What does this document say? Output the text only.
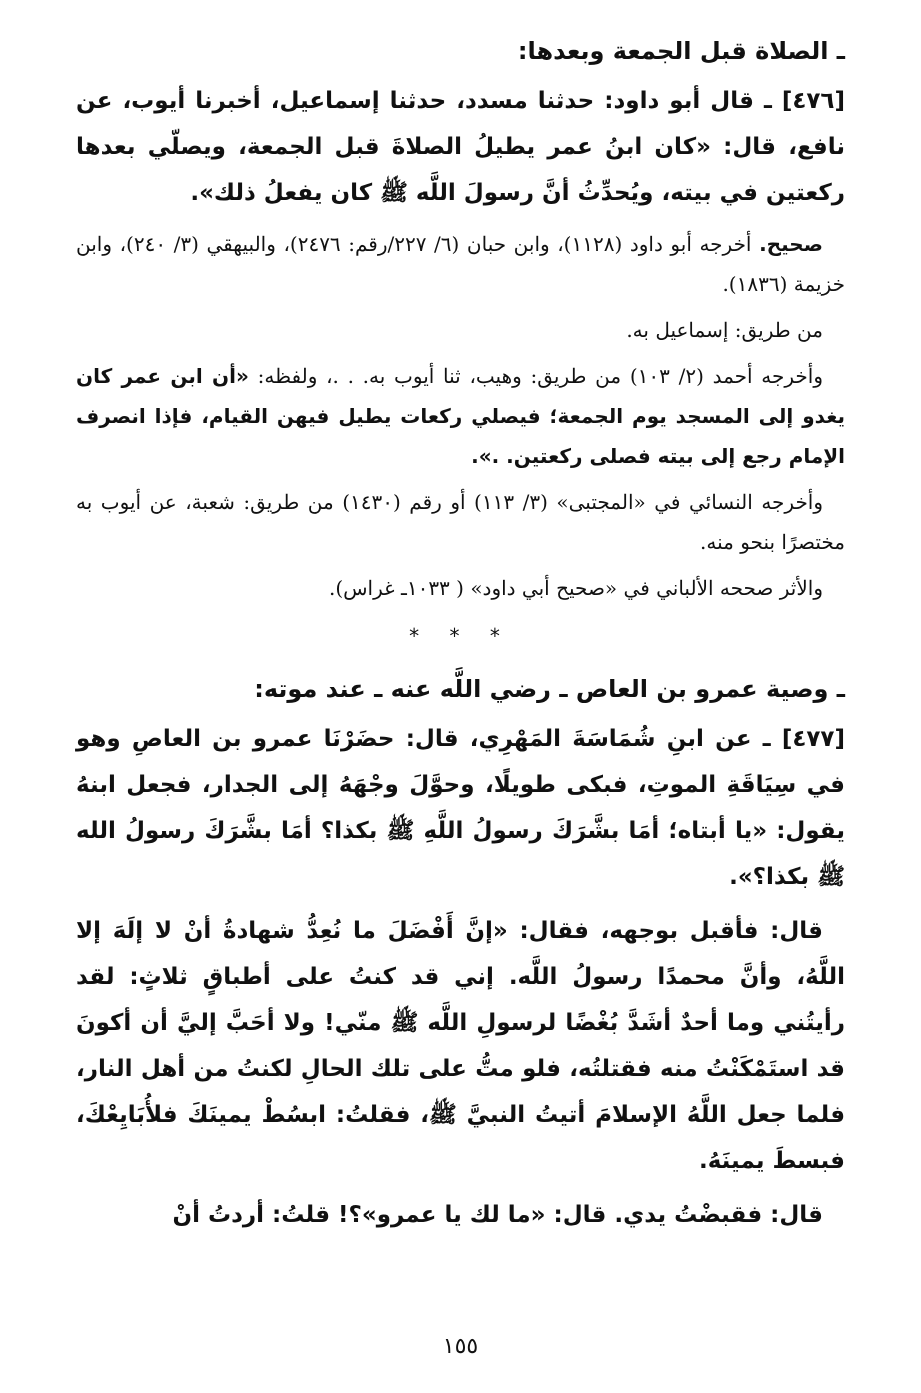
ـ الصلاة قبل الجمعة وبعدها:
[٤٧٦] ـ قال أبو داود: حدثنا مسدد، حدثنا إسماعيل، أخبرنا أيوب، عن نافع، قال: «كان ابنُ عمر يطيلُ الصلاةَ قبل الجمعة، ويصلّي بعدها ركعتين في بيته، ويُحدِّثُ أنَّ رسولَ اللَّه ﷺ كان يفعلُ ذلك».
صحيح. أخرجه أبو داود (١١٢٨)، وابن حبان (٦/ ٢٢٧/رقم: ٢٤٧٦)، والبيهقي (٣/ ٢٤٠)، وابن خزيمة (١٨٣٦).
من طريق: إسماعيل به.
وأخرجه أحمد (٢/ ١٠٣) من طريق: وهيب، ثنا أيوب به. . .، ولفظه: «أن ابن عمر كان يغدو إلى المسجد يوم الجمعة؛ فيصلي ركعات يطيل فيهن القيام، فإذا انصرف الإمام رجع إلى بيته فصلى ركعتين. .».
وأخرجه النسائي في «المجتبى» (٣/ ١١٣) أو رقم (١٤٣٠) من طريق: شعبة، عن أيوب به مختصرًا بنحو منه.
والأثر صححه الألباني في «صحيح أبي داود» ( ١٠٣٣ـ غراس).
* * *
ـ وصية عمرو بن العاص ـ رضي اللَّه عنه ـ عند موته:
[٤٧٧] ـ عن ابنِ شُمَاسَةَ المَهْرِي، قال: حضَرْنَا عمرو بن العاصِ وهو في سِيَاقَةِ الموتِ، فبكى طويلًا، وحوَّلَ وجْهَهُ إلى الجدار، فجعل ابنهُ يقول: «يا أبتاه؛ أمَا بشَّرَكَ رسولُ اللَّهِ ﷺ بكذا؟ أمَا بشَّرَكَ رسولُ الله ﷺ بكذا؟».
قال: فأقبل بوجهه، فقال: «إنَّ أَفْضَلَ ما نُعِدُّ شهادةُ أنْ لا إلَهَ إلا اللَّهُ، وأنَّ محمدًا رسولُ اللَّه. إني قد كنتُ على أطباقٍ ثلاثٍ: لقد رأيتُني وما أحدٌ أشَدَّ بُغْضًا لرسولِ اللَّه ﷺ منّي! ولا أحَبَّ إليَّ أن أكونَ قد استَمْكَنْتُ منه فقتلتُه، فلو متُّ على تلك الحالِ لكنتُ من أهل النار، فلما جعل اللَّهُ الإسلامَ أتيتُ النبيَّ ﷺ، فقلتُ: ابسُطْ يمينَكَ فلأُبَايِعْكَ، فبسطَ يمينَهُ.
قال: فقبضْتُ يدي. قال: «ما لك يا عمرو»؟! قلتُ: أردتُ أنْ
١٥٥
